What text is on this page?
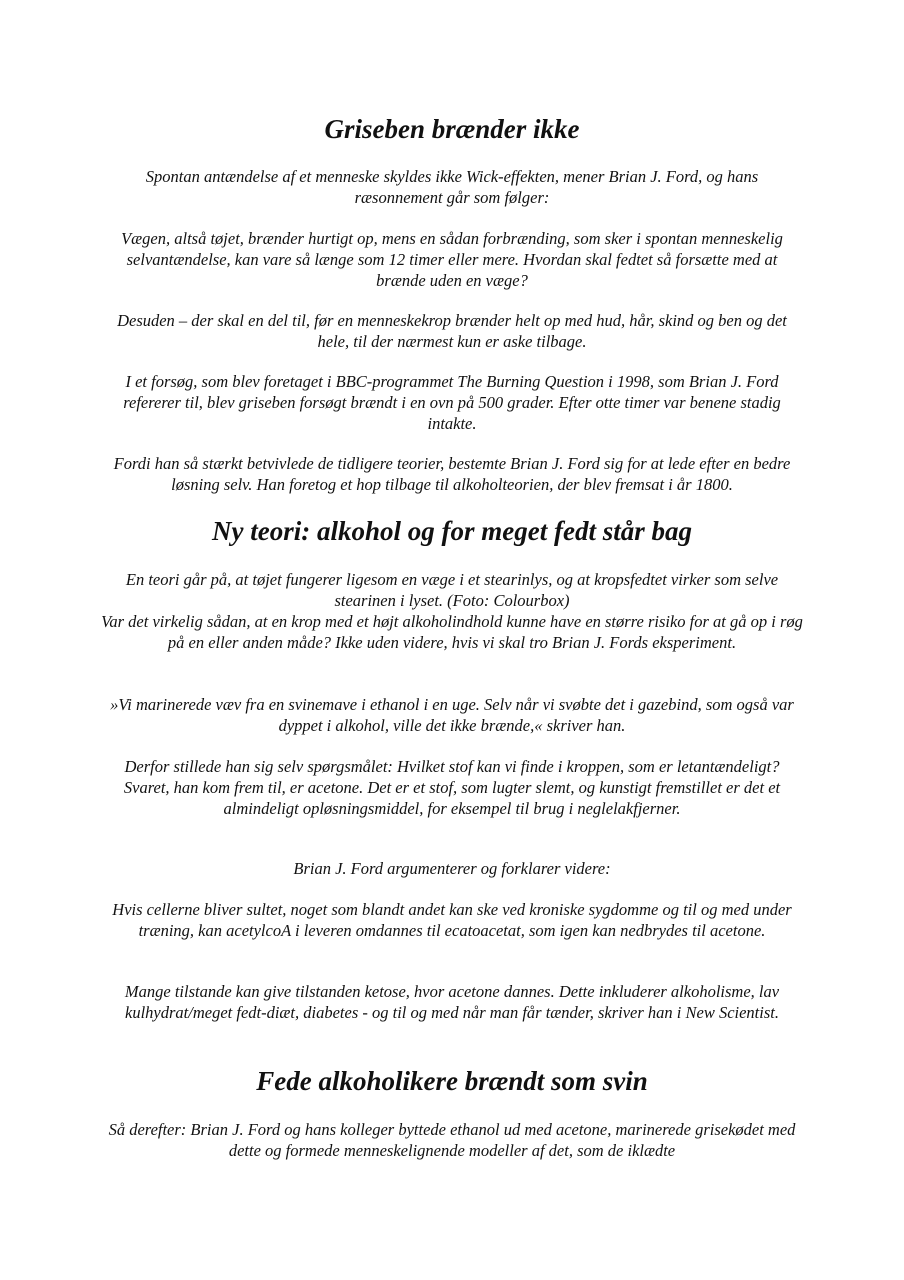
Griseben brænder ikke

Spontan antændelse af et menneske skyldes ikke Wick-effekten, mener Brian J. Ford, og hans ræsonnement går som følger:

Vægen, altså tøjet, brænder hurtigt op, mens en sådan forbrænding, som sker i spontan menneskelig selvantændelse, kan vare så længe som 12 timer eller mere. Hvordan skal fedtet så forsætte med at brænde uden en væge?

Desuden – der skal en del til, før en menneskekrop brænder helt op med hud, hår, skind og ben og det hele, til der nærmest kun er aske tilbage.

I et forsøg, som blev foretaget i BBC-programmet The Burning Question i 1998, som Brian J. Ford refererer til, blev griseben forsøgt brændt i en ovn på 500 grader. Efter otte timer var benene stadig intakte.

Fordi han så stærkt betvivlede de tidligere teorier, bestemte Brian J. Ford sig for at lede efter en bedre løsning selv. Han foretog et hop tilbage til alkoholteorien, der blev fremsat i år 1800.

Ny teori: alkohol og for meget fedt står bag

En teori går på, at tøjet fungerer ligesom en væge i et stearinlys, og at kropsfedtet virker som selve stearinen i lyset. (Foto: Colourbox)

Var det virkelig sådan, at en krop med et højt alkoholindhold kunne have en større risiko for at gå op i røg på en eller anden måde? Ikke uden videre, hvis vi skal tro Brian J. Fords eksperiment.

»Vi marinerede væv fra en svinemave i ethanol i en uge. Selv når vi svøbte det i gazebind, som også var dyppet i alkohol, ville det ikke brænde,« skriver han.

Derfor stillede han sig selv spørgsmålet: Hvilket stof kan vi finde i kroppen, som er letantændeligt? Svaret, han kom frem til, er acetone. Det er et stof, som lugter slemt, og kunstigt fremstillet er det et almindeligt opløsningsmiddel, for eksempel til brug i neglelakfjerner.

Brian J. Ford argumenterer og forklarer videre:

Hvis cellerne bliver sultet, noget som blandt andet kan ske ved kroniske sygdomme og til og med under træning, kan acetylcoA i leveren omdannes til ecatoacetat, som igen kan nedbrydes til acetone.

Mange tilstande kan give tilstanden ketose, hvor acetone dannes. Dette inkluderer alkoholisme, lav kulhydrat/meget fedt-diæt, diabetes - og til og med når man får tænder, skriver han i New Scientist.

Fede alkoholikere brændt som svin

Så derefter: Brian J. Ford og hans kolleger byttede ethanol ud med acetone, marinerede grisekødet med dette og formede menneskelignende modeller af det, som de iklædte
